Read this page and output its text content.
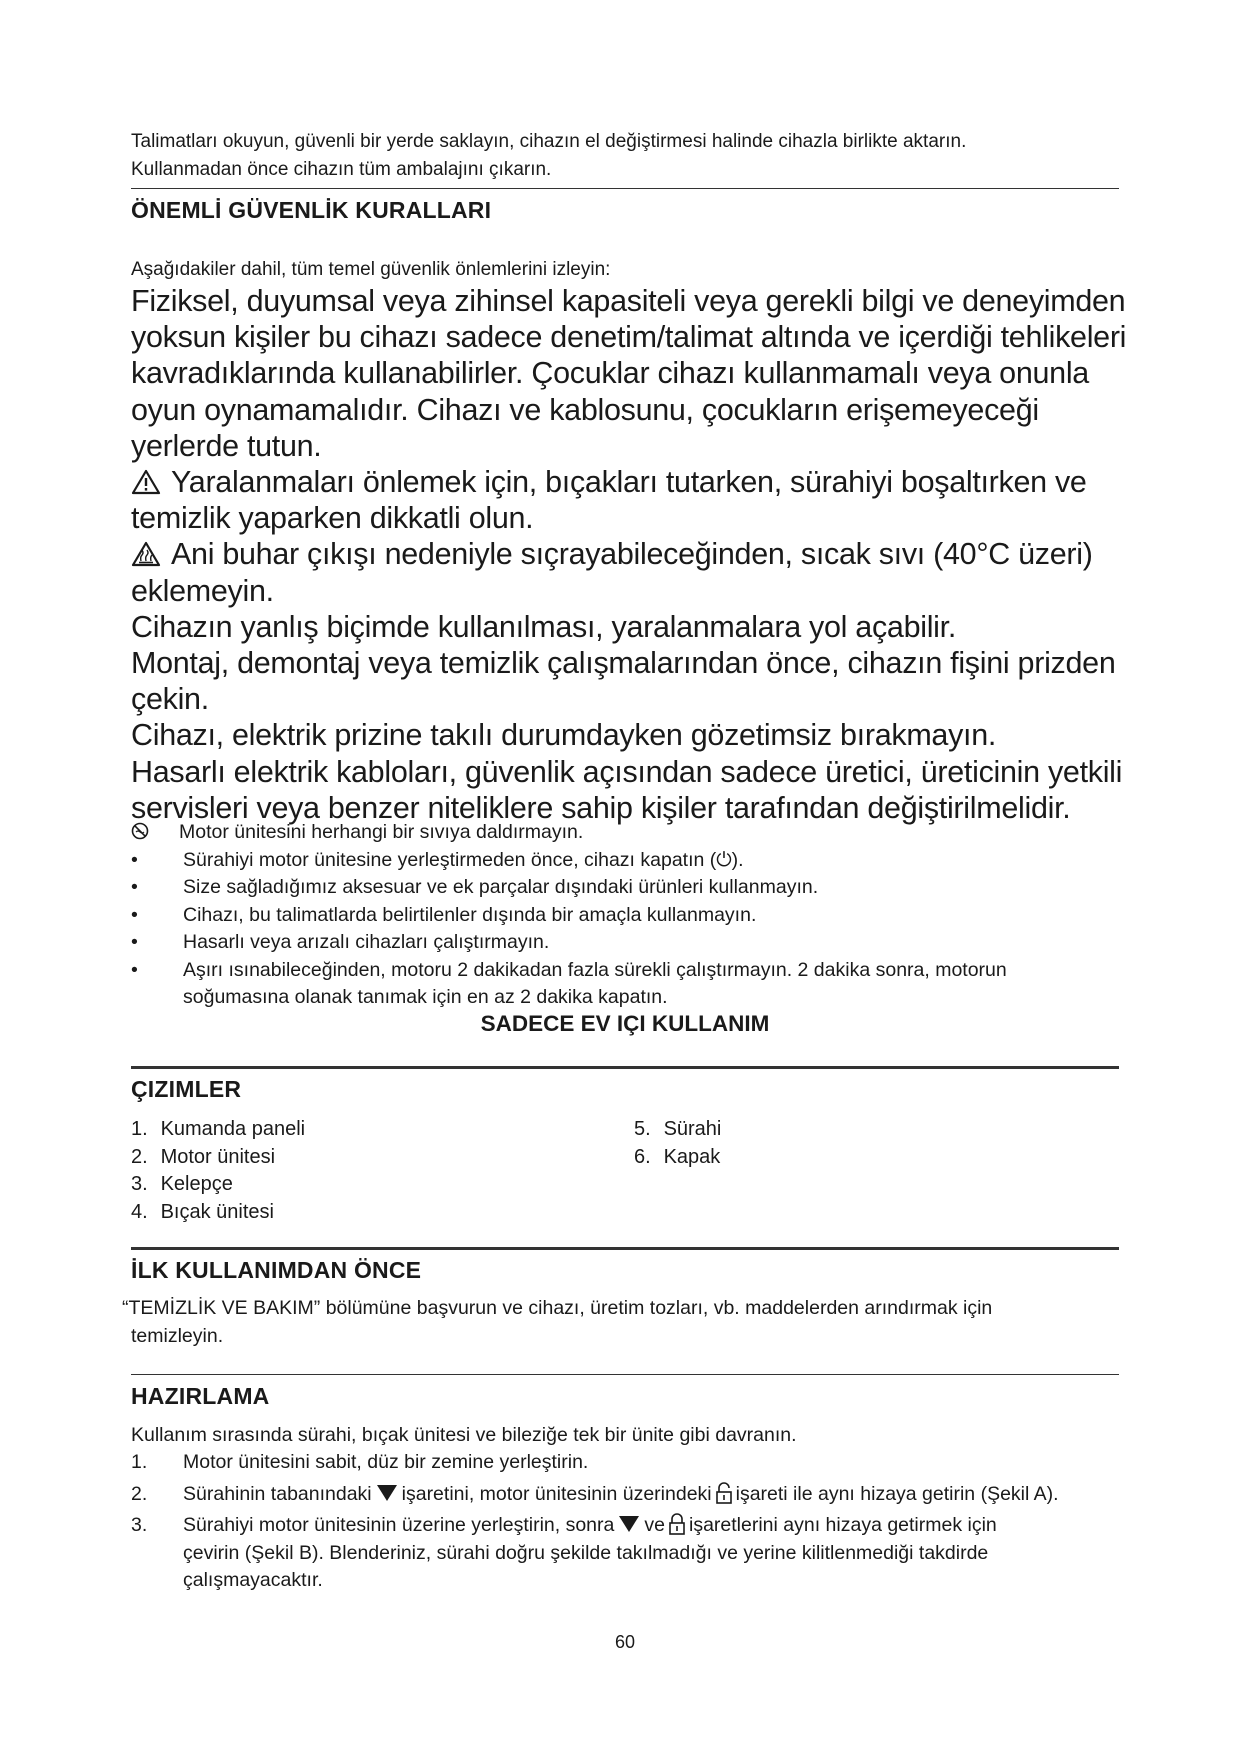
Talimatları okuyun, güvenli bir yerde saklayın, cihazın el değiştirmesi halinde cihazla birlikte aktarın.
Kullanmadan önce cihazın tüm ambalajını çıkarın.
ÖNEMLİ GÜVENLİK KURALLARI
Aşağıdakiler dahil, tüm temel güvenlik önlemlerini izleyin:

Fiziksel, duyumsal veya zihinsel kapasiteli veya gerekli bilgi ve deneyimden yoksun kişiler bu cihazı sadece denetim/talimat altında ve içerdiği tehlikeleri kavradıklarında kullanabilirler. Çocuklar cihazı kullanmamalı veya onunla oyun oynamamalıdır. Cihazı ve kablosunu, çocukların erişemeyeceği yerlerde tutun.

Yaralanmaları önlemek için, bıçakları tutarken, sürahiyi boşaltırken ve temizlik yaparken dikkatli olun.

Ani buhar çıkışı nedeniyle sıçrayabileceğinden, sıcak sıvı (40°C üzeri) eklemeyin.

Cihazın yanlış biçimde kullanılması, yaralanmalara yol açabilir.

Montaj, demontaj veya temizlik çalışmalarından önce, cihazın fişini prizden çekin.

Cihazı, elektrik prizine takılı durumdayken gözetimsiz bırakmayın.

Hasarlı elektrik kabloları, güvenlik açısından sadece üretici, üreticinin yetkili servisleri veya benzer niteliklere sahip kişiler tarafından değiştirilmelidir.

Motor ünitesini herhangi bir sıvıya daldırmayın.
•	Sürahiyi motor ünitesine yerleştirmeden önce, cihazı kapatın (⏻).
•	Size sağladığımız aksesuar ve ek parçalar dışındaki ürünleri kullanmayın.
•	Cihazı, bu talimatlarda belirtilenler dışında bir amaçla kullanmayın.
•	Hasarlı veya arızalı cihazları çalıştırmayın.
•	Aşırı ısınabileceğinden, motoru 2 dakikadan fazla sürekli çalıştırmayın. 2 dakika sonra, motorun soğumasına olanak tanımak için en az 2 dakika kapatın.
SADECE EV IÇI KULLANIM
ÇIZIMLER
1. Kumanda paneli
2. Motor ünitesi
3. Kelepçe
4. Bıçak ünitesi
5. Sürahi
6. Kapak
İLK KULLANIMDAN ÖNCE
“TEMİZLİK VE BAKIM” bölümüne başvurun ve cihazı, üretim tozları, vb. maddelerden arındırmak için
temizleyin.
HAZIRLAMA
Kullanım sırasında sürahi, bıçak ünitesi ve bileziğe tek bir ünite gibi davranın.
1. Motor ünitesini sabit, düz bir zemine yerleştirin.
2. Sürahinin tabanındaki işaretini, motor ünitesinin üzerindeki işareti ile aynı hizaya getirin (Şekil A).
3. Sürahiyi motor ünitesinin üzerine yerleştirin, sonra ve işaretlerini aynı hizaya getirmek için
çevirin (Şekil B). Blenderiniz, sürahi doğru şekilde takılmadığı ve yerine kilitlenmediği takdirde
çalışmayacaktır.
60
